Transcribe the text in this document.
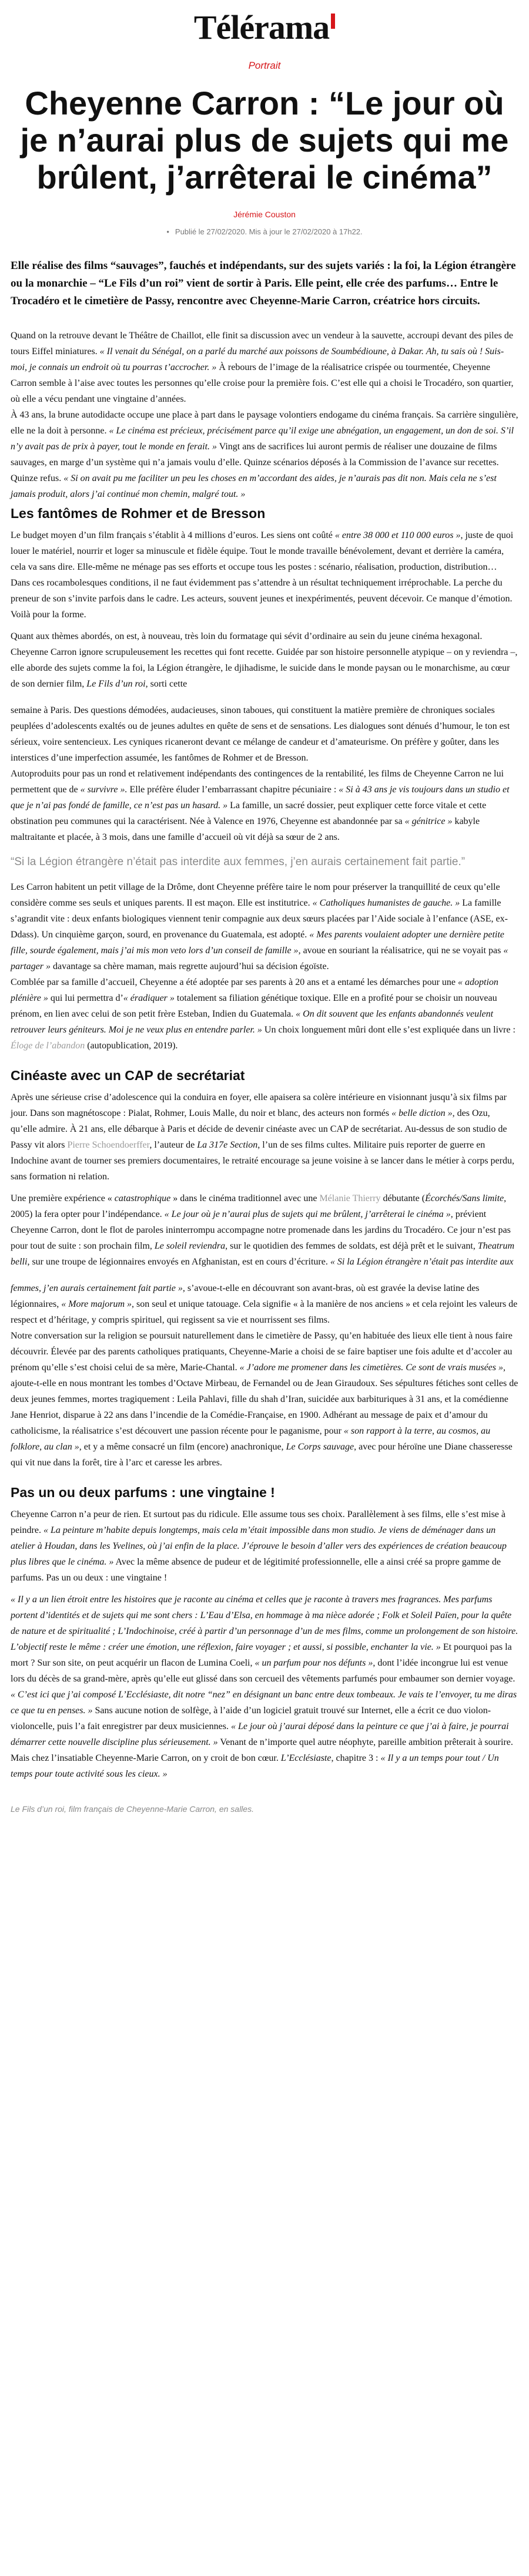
Télérama
Portrait
Cheyenne Carron : “Le jour où je n’aurai plus de sujets qui me brûlent, j’arrêterai le cinéma”
Jérémie Couston
• Publié le 27/02/2020. Mis à jour le 27/02/2020 à 17h22.

Elle réalise des films “sauvages”, fauchés et indépendants, sur des sujets variés : la foi, la Légion étrangère ou la monarchie – “Le Fils d’un roi” vient de sortir à Paris. Elle peint, elle crée des parfums… Entre le Trocadéro et le cimetière de Passy, rencontre avec Cheyenne-Marie Carron, créatrice hors circuits.

Quand on la retrouve devant le Théâtre de Chaillot, elle finit sa discussion avec un vendeur à la sauvette, accroupi devant des piles de tours Eiffel miniatures. « Il venait du Sénégal, on a parlé du marché aux poissons de Soumbédioune, à Dakar. Ah, tu sais où ! Suis-moi, je connais un endroit où tu pourras t’accrocher. » À rebours de l’image de la réalisatrice crispée ou tourmentée, Cheyenne Carron semble à l’aise avec toutes les personnes qu’elle croise pour la première fois. C’est elle qui a choisi le Trocadéro, son quartier, où elle a vécu pendant une vingtaine d’années.

À 43 ans, la brune autodidacte occupe une place à part dans le paysage volontiers endogame du cinéma français. Sa carrière singulière, elle ne la doit à personne. « Le cinéma est précieux, précisément parce qu’il exige une abnégation, un engagement, un don de soi. S’il n’y avait pas de prix à payer, tout le monde en ferait. » Vingt ans de sacrifices lui auront permis de réaliser une douzaine de films sauvages, en marge d’un système qui n’a jamais voulu d’elle. Quinze scénarios déposés à la Commission de l’avance sur recettes. Quinze refus. « Si on avait pu me faciliter un peu les choses en m’accordant des aides, je n’aurais pas dit non. Mais cela ne s’est jamais produit, alors j’ai continué mon chemin, malgré tout. »

Les fantômes de Rohmer et de Bresson

Le budget moyen d’un film français s’établit à 4 millions d’euros. Les siens ont coûté « entre 38 000 et 110 000 euros », juste de quoi louer le matériel, nourrir et loger sa minuscule et fidèle équipe. Tout le monde travaille bénévolement, devant et derrière la caméra, cela va sans dire. Elle-même ne ménage pas ses efforts et occupe tous les postes : scénario, réalisation, production, distribution… Dans ces rocambolesques conditions, il ne faut évidemment pas s’attendre à un résultat techniquement irréprochable. La perche du preneur de son s’invite parfois dans le cadre. Les acteurs, souvent jeunes et inexpérimentés, peuvent décevoir. Ce manque d’émotion. Voilà pour la forme.

Quant aux thèmes abordés, on est, à nouveau, très loin du formatage qui sévit d’ordinaire au sein du jeune cinéma hexagonal. Cheyenne Carron ignore scrupuleusement les recettes qui font recette. Guidée par son histoire personnelle atypique – on y reviendra –, elle aborde des sujets comme la foi, la Légion étrangère, le djihadisme, le suicide dans le monde paysan ou le monarchisme, au cœur de son dernier film, Le Fils d’un roi, sorti cette

semaine à Paris. Des questions démodées, audacieuses, sinon taboues, qui constituent la matière première de chroniques sociales peuplées d’adolescents exaltés ou de jeunes adultes en quête de sens et de sensations. Les dialogues sont dénués d’humour, le ton est sérieux, voire sentencieux. Les cyniques ricaneront devant ce mélange de candeur et d’amateurisme. On préfère y goûter, dans les interstices d’une imperfection assumée, les fantômes de Rohmer et de Bresson.

Autoproduits pour pas un rond et relativement indépendants des contingences de la rentabilité, les films de Cheyenne Carron ne lui permettent que de « survivre ». Elle préfère éluder l’embarrassant chapitre pécuniaire : « Si à 43 ans je vis toujours dans un studio et que je n’ai pas fondé de famille, ce n’est pas un hasard. » La famille, un sacré dossier, peut expliquer cette force vitale et cette obstination peu communes qui la caractérisent. Née à Valence en 1976, Cheyenne est abandonnée par sa « génitrice » kabyle maltraitante et placée, à 3 mois, dans une famille d’accueil où vit déjà sa sœur de 2 ans.

“Si la Légion étrangère n’était pas interdite aux femmes, j’en aurais certainement fait partie.”

Les Carron habitent un petit village de la Drôme, dont Cheyenne préfère taire le nom pour préserver la tranquillité de ceux qu’elle considère comme ses seuls et uniques parents. Il est maçon. Elle est institutrice. « Catholiques humanistes de gauche. » La famille s’agrandit vite : deux enfants biologiques viennent tenir compagnie aux deux sœurs placées par l’Aide sociale à l’enfance (ASE, ex-Ddass). Un cinquième garçon, sourd, en provenance du Guatemala, est adopté. « Mes parents voulaient adopter une dernière petite fille, sourde également, mais j’ai mis mon veto lors d’un conseil de famille », avoue en souriant la réalisatrice, qui ne se voyait pas « partager » davantage sa chère maman, mais regrette aujourd’hui sa décision égoïste.

Comblée par sa famille d’accueil, Cheyenne a été adoptée par ses parents à 20 ans et a entamé les démarches pour une « adoption plénière » qui lui permettra d’« éradiquer » totalement sa filiation génétique toxique. Elle en a profité pour se choisir un nouveau prénom, en lien avec celui de son petit frère Esteban, Indien du Guatemala. « On dit souvent que les enfants abandonnés veulent retrouver leurs géniteurs. Moi je ne veux plus en entendre parler. » Un choix longuement mûri dont elle s’est expliquée dans un livre : Éloge de l’abandon (autopublication, 2019).

Cinéaste avec un CAP de secrétariat

Après une sérieuse crise d’adolescence qui la conduira en foyer, elle apaisera sa colère intérieure en visionnant jusqu’à six films par jour. Dans son magnétoscope : Pialat, Rohmer, Louis Malle, du noir et blanc, des acteurs non formés « belle diction », des Ozu, qu’elle admire. À 21 ans, elle débarque à Paris et décide de devenir cinéaste avec un CAP de secrétariat. Au-dessus de son studio de Passy vit alors Pierre Schoendoerffer, l’auteur de La 317e Section, l’un de ses films cultes. Militaire puis reporter de guerre en Indochine avant de tourner ses premiers documentaires, le retraité encourage sa jeune voisine à se lancer dans le métier à corps perdu, sans formation ni relation.

Une première expérience « catastrophique » dans le cinéma traditionnel avec une Mélanie Thierry débutante (Écorchés/Sans limite, 2005) la fera opter pour l’indépendance. « Le jour où je n’aurai plus de sujets qui me brûlent, j’arrêterai le cinéma », prévient Cheyenne Carron, dont le flot de paroles ininterrompu accompagne notre promenade dans les jardins du Trocadéro. Ce jour n’est pas pour tout de suite : son prochain film, Le soleil reviendra, sur le quotidien des femmes de soldats, est déjà prêt et le suivant, Theatrum belli, sur une troupe de légionnaires envoyés en Afghanistan, est en cours d’écriture. « Si la Légion étrangère n’était pas interdite aux

femmes, j’en aurais certainement fait partie », s’avoue-t-elle en découvrant son avant-bras, où est gravée la devise latine des légionnaires, « More majorum », son seul et unique tatouage. Cela signifie « à la manière de nos anciens » et cela rejoint les valeurs de respect et d’héritage, y compris spirituel, qui regissent sa vie et nourrissent ses films.

Notre conversation sur la religion se poursuit naturellement dans le cimetière de Passy, qu’en habituée des lieux elle tient à nous faire découvrir. Élevée par des parents catholiques pratiquants, Cheyenne-Marie a choisi de se faire baptiser une fois adulte et d’accoler au prénom qu’elle s’est choisi celui de sa mère, Marie-Chantal. « J’adore me promener dans les cimetières. Ce sont de vrais musées », ajoute-t-elle en nous montrant les tombes d’Octave Mirbeau, de Fernandel ou de Jean Giraudoux. Ses sépultures fétiches sont celles de deux jeunes femmes, mortes tragiquement : Leila Pahlavi, fille du shah d’Iran, suicidée aux barbituriques à 31 ans, et la comédienne Jane Henriot, disparue à 22 ans dans l’incendie de la Comédie-Française, en 1900. Adhérant au message de paix et d’amour du catholicisme, la réalisatrice s’est découvert une passion récente pour le paganisme, pour « son rapport à la terre, au cosmos, au folklore, au clan », et y a même consacré un film (encore) anachronique, Le Corps sauvage, avec pour héroïne une Diane chasseresse qui vit nue dans la forêt, tire à l’arc et caresse les arbres.

Pas un ou deux parfums : une vingtaine !

Cheyenne Carron n’a peur de rien. Et surtout pas du ridicule. Elle assume tous ses choix. Parallèlement à ses films, elle s’est mise à peindre. « La peinture m’habite depuis longtemps, mais cela m’était impossible dans mon studio. Je viens de déménager dans un atelier à Houdan, dans les Yvelines, où j’ai enfin de la place. J’éprouve le besoin d’aller vers des expériences de création beaucoup plus libres que le cinéma. » Avec la même absence de pudeur et de légitimité professionnelle, elle a ainsi créé sa propre gamme de parfums. Pas un ou deux : une vingtaine !

« Il y a un lien étroit entre les histoires que je raconte au cinéma et celles que je raconte à travers mes fragrances. Mes parfums portent d’identités et de sujets qui me sont chers : L’Eau d’Elsa, en hommage à ma nièce adorée ; Folk et Soleil Païen, pour la quête de nature et de spiritualité ; L’Indochinoise, créé à partir d’un personnage d’un de mes films, comme un prolongement de son histoire. L’objectif reste le même : créer une émotion, une réflexion, faire voyager ; et aussi, si possible, enchanter la vie. » Et pourquoi pas la mort ? Sur son site, on peut acquérir un flacon de Lumina Coeli, « un parfum pour nos défunts », dont l’idée incongrue lui est venue lors du décès de sa grand-mère, après qu’elle eut glissé dans son cercueil des vêtements parfumés pour embaumer son dernier voyage.

« C’est ici que j’ai composé L’Ecclésiaste, dit notre “nez” en désignant un banc entre deux tombeaux. Je vais te l’envoyer, tu me diras ce que tu en penses. » Sans aucune notion de solfège, à l’aide d’un logiciel gratuit trouvé sur Internet, elle a écrit ce duo violon-violoncelle, puis l’a fait enregistrer par deux musiciennes. « Le jour où j’aurai déposé dans la peinture ce que j’ai à faire, je pourrai démarrer cette nouvelle discipline plus sérieusement. » Venant de n’importe quel autre néophyte, pareille ambition prêterait à sourire. Mais chez l’insatiable Cheyenne-Marie Carron, on y croit de bon cœur. L’Ecclésiaste, chapitre 3 : « Il y a un temps pour tout / Un temps pour toute activité sous les cieux. »

Le Fils d’un roi, film français de Cheyenne-Marie Carron, en salles.
